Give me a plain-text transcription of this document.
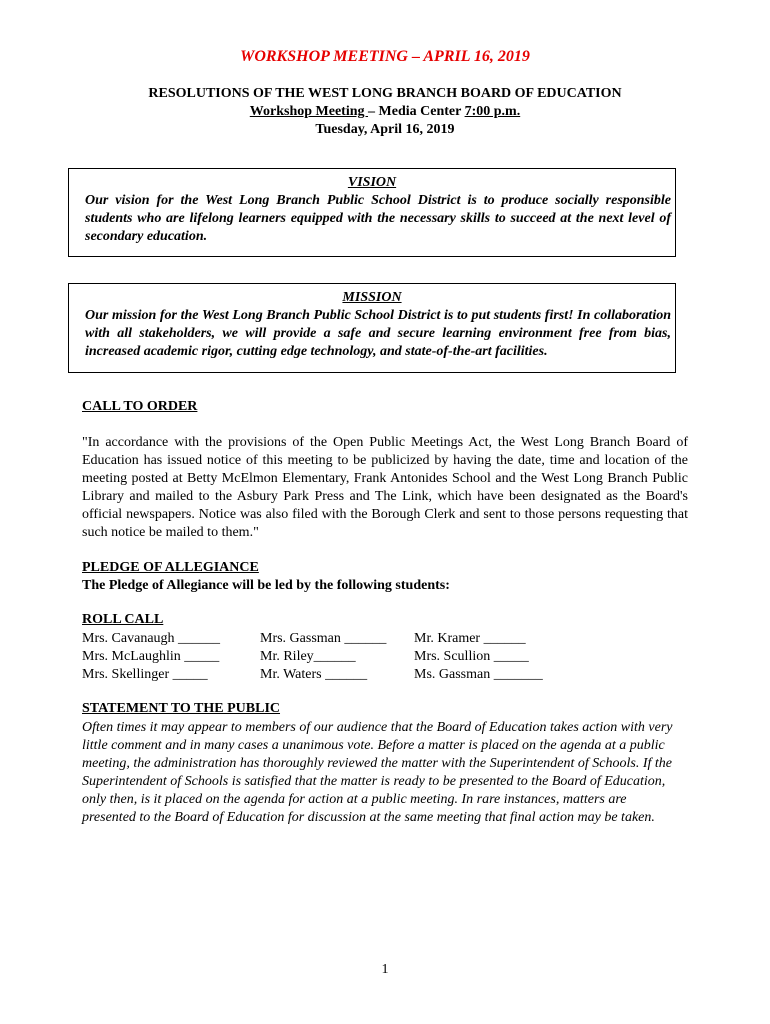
WORKSHOP MEETING – APRIL 16, 2019
RESOLUTIONS OF THE WEST LONG BRANCH BOARD OF EDUCATION
Workshop Meeting – Media Center 7:00 p.m.
Tuesday, April 16, 2019
VISION
Our vision for the West Long Branch Public School District is to produce socially responsible students who are lifelong learners equipped with the necessary skills to succeed at the next level of secondary education.
MISSION
Our mission for the West Long Branch Public School District is to put students first! In collaboration with all stakeholders, we will provide a safe and secure learning environment free from bias, increased academic rigor, cutting edge technology, and state-of-the-art facilities.
CALL TO ORDER
"In accordance with the provisions of the Open Public Meetings Act, the West Long Branch Board of Education has issued notice of this meeting to be publicized by having the date, time and location of the meeting posted at Betty McElmon Elementary, Frank Antonides School and the West Long Branch Public Library and mailed to the Asbury Park Press and The Link, which have been designated as the Board's official newspapers. Notice was also filed with the Borough Clerk and sent to those persons requesting that such notice be mailed to them."
PLEDGE OF ALLEGIANCE
The Pledge of Allegiance will be led by the following students:
ROLL CALL
Mrs. Cavanaugh ______
Mrs. McLaughlin _____
Mrs. Skellinger _____
Mrs. Gassman ______
Mr. Riley______
Mr. Waters ______
Mr. Kramer ______
Mrs. Scullion _____
Ms. Gassman _______
STATEMENT TO THE PUBLIC
Often times it may appear to members of our audience that the Board of Education takes action with very little comment and in many cases a unanimous vote. Before a matter is placed on the agenda at a public meeting, the administration has thoroughly reviewed the matter with the Superintendent of Schools. If the Superintendent of Schools is satisfied that the matter is ready to be presented to the Board of Education, only then, is it placed on the agenda for action at a public meeting. In rare instances, matters are presented to the Board of Education for discussion at the same meeting that final action may be taken.
1
